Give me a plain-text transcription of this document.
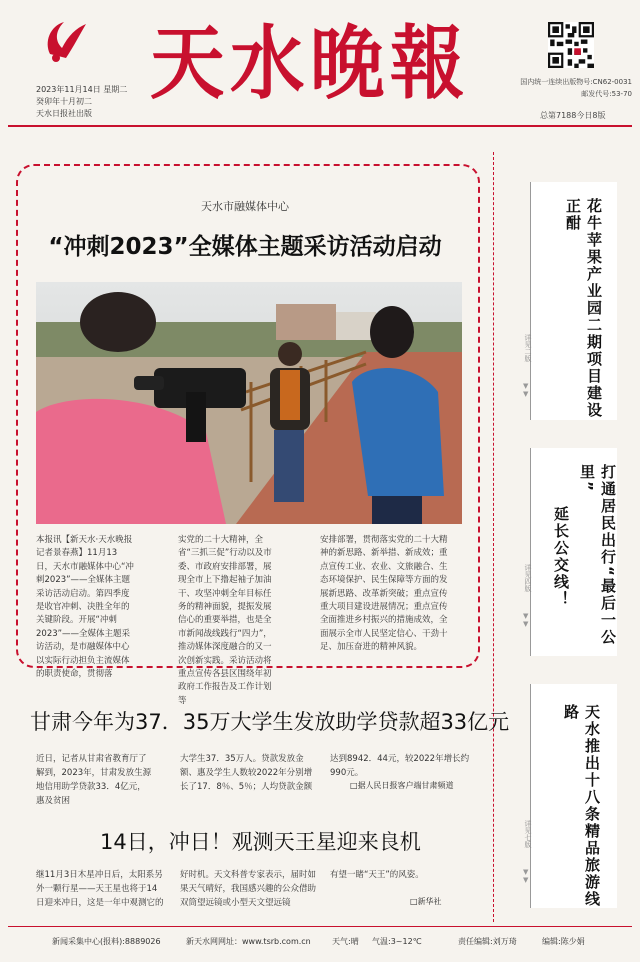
天水晚報
2023年11月14日 星期二
癸卯年十月初二
天水日报社出版
国内统一连续出版物号:CN62-0031
邮发代号:53-70
总第7188今日8版
天水市融媒体中心
“冲刺2023”全媒体主题采访活动启动
本报讯【新天水·天水晚报记者景春燕】11月13日，天水市融媒体中心“冲刺2023”——全媒体主题采访活动启动。第四季度是收官冲刺、决胜全年的关键阶段。开展“冲刺2023”——全媒体主题采访活动，是市融媒体中心以实际行动担负主流媒体的职责使命，贯彻落
实党的二十大精神，全省“三抓三促”行动以及市委、市政府安排部署，展现全市上下撸起袖子加油干、攻坚冲刺全年目标任务的精神面貌，提振发展信心的重要举措，也是全市新闻战线践行“四力”，推动媒体深度融合的又一次创新实践。采访活动将重点宣传各县区围绕年初政府工作报告及工作计划等
安排部署，贯彻落实党的二十大精神的新思路、新举措、新成效；重点宣传工业、农业、文旅融合、生态环境保护、民生保障等方面的发展新思路、改革新突破；重点宣传重大项目建设进展情况；重点宣传全面推进乡村振兴的措施成效，全面展示全市人民坚定信心、干劲十足、加压奋进的精神风貌。
花牛苹果产业园二期项目建设正酣
详见二版
▼
▼
打通居民出行“最后一公里”
延长公交线！
详见四版
▼
▼
天水推出十八条精品旅游线路
详见七版
▼
▼
甘肃今年为37．35万大学生发放助学贷款超33亿元
近日，记者从甘肃省教育厅了解到，2023年，甘肃发放生源地信用助学贷款33．4亿元，惠及贫困
大学生37．35万人。贷款发放金额、惠及学生人数较2022年分别增长了17．8％、5％；人均贷款金额
达到8942．44元，较2022年增长约990元。
□据人民日报客户端甘肃频道
14日，冲日！观测天王星迎来良机
继11月3日木星冲日后，太阳系另外一颗行星——天王星也将于14日迎来冲日，这是一年中观测它的
好时机。天文科普专家表示，届时如果天气晴好，我国感兴趣的公众借助双筒望远镜或小型天文望远镜
有望一睹“天王”的风姿。
□新华社
新闻采集中心(报料):8889026	新天水网网址：www.tsrb.com.cn	天气:晴 气温:3~12℃	责任编辑:刘万琦	编辑:陈少娟
